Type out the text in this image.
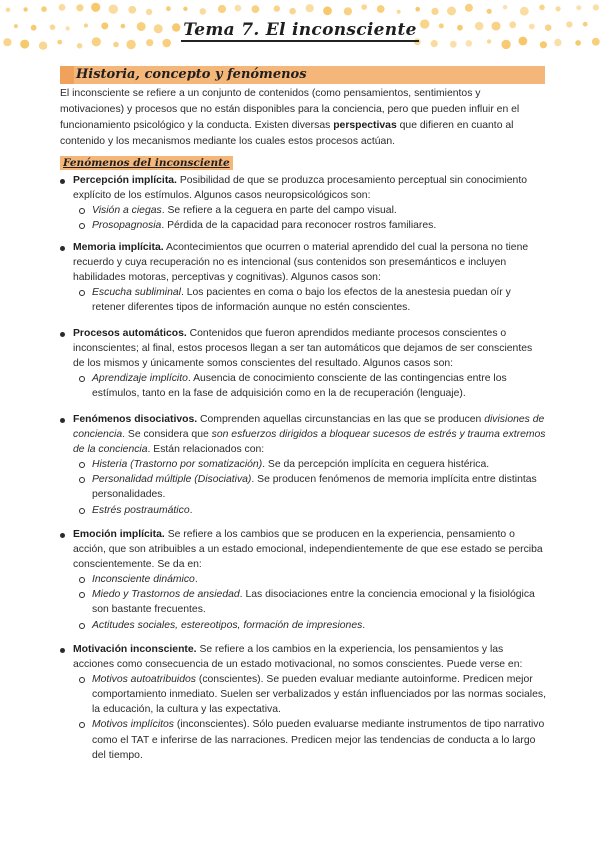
Tema 7. El inconsciente
Historia, concepto y fenómenos

El inconsciente se refiere a un conjunto de contenidos (como pensamientos, sentimientos y motivaciones) y procesos que no están disponibles para la conciencia, pero que pueden influir en el funcionamiento psicológico y la conducta. Existen diversas perspectivas que difieren en cuanto al contenido y los mecanismos mediante los cuales estos procesos actúan.

Fenómenos del inconsciente

Percepción implícita. Posibilidad de que se produzca procesamiento perceptual sin conocimiento explícito de los estímulos. Algunos casos neuropsicológicos son:

Visión a ciegas. Se refiere a la ceguera en parte del campo visual.
Prosopagnosia. Pérdida de la capacidad para reconocer rostros familiares.

Memoria implícita. Acontecimientos que ocurren o material aprendido del cual la persona no tiene recuerdo y cuya recuperación no es intencional (sus contenidos son presemánticos e incluyen habilidades motoras, perceptivas y cognitivas). Algunos casos son:

Escucha subliminal. Los pacientes en coma o bajo los efectos de la anestesia puedan oír y retener diferentes tipos de información aunque no estén conscientes.

Procesos automáticos. Contenidos que fueron aprendidos mediante procesos conscientes o inconscientes; al final, estos procesos llegan a ser tan automáticos que dejamos de ser conscientes de los mismos y únicamente somos conscientes del resultado. Algunos casos son:

Aprendizaje implícito. Ausencia de conocimiento consciente de las contingencias entre los estímulos, tanto en la fase de adquisición como en la de recuperación (lenguaje).

Fenómenos disociativos. Comprenden aquellas circunstancias en las que se producen divisiones de conciencia. Se considera que son esfuerzos dirigidos a bloquear sucesos de estrés y trauma extremos de la conciencia. Están relacionados con:

Histeria (Trastorno por somatización). Se da percepción implícita en ceguera histérica.
Personalidad múltiple (Disociativa). Se producen fenómenos de memoria implícita entre distintas personalidades.
Estrés postraumático.

Emoción implícita. Se refiere a los cambios que se producen en la experiencia, pensamiento o acción, que son atribuibles a un estado emocional, independientemente de que ese estado se perciba conscientemente. Se da en:

Inconsciente dinámico.
Miedo y Trastornos de ansiedad. Las disociaciones entre la conciencia emocional y la fisiológica son bastante frecuentes.
Actitudes sociales, estereotipos, formación de impresiones.

Motivación inconsciente. Se refiere a los cambios en la experiencia, los pensamientos y las acciones como consecuencia de un estado motivacional, no somos conscientes. Puede verse en:

Motivos autoatribuidos (conscientes). Se pueden evaluar mediante autoinforme. Predicen mejor comportamiento inmediato. Suelen ser verbalizados y están influenciados por las normas sociales, la educación, la cultura y las expectativa.
Motivos implícitos (inconscientes). Sólo pueden evaluarse mediante instrumentos de tipo narrativo como el TAT e inferirse de las narraciones. Predicen mejor las tendencias de conducta a lo largo del tiempo.
